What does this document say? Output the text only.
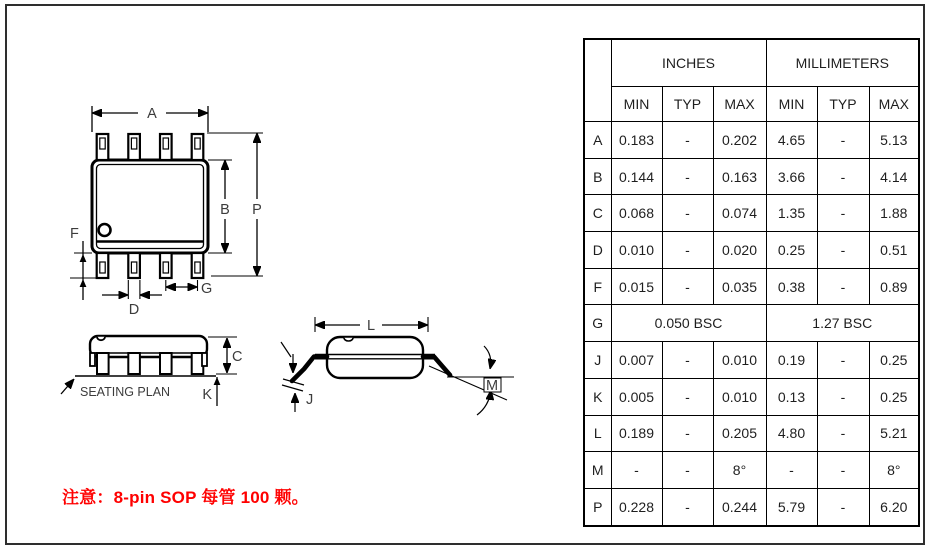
A
B P
F
D
G
SEATING PLAN
C
K
L
J
M
注意：8-pin SOP 每管 100 颗。
	INCHES			MILLIMETERS		
	MIN	TYP	MAX	MIN	TYP	MAX
A	0.183	-	0.202	4.65	-	5.13
B	0.144	-	0.163	3.66	-	4.14
C	0.068	-	0.074	1.35	-	1.88
D	0.010	-	0.020	0.25	-	0.51
F	0.015	-	0.035	0.38	-	0.89
G	0.050 BSC			1.27 BSC		
J	0.007	-	0.010	0.19	-	0.25
K	0.005	-	0.010	0.13	-	0.25
L	0.189	-	0.205	4.80	-	5.21
M	-	-	8°	-	-	8°
P	0.228	-	0.244	5.79	-	6.20
